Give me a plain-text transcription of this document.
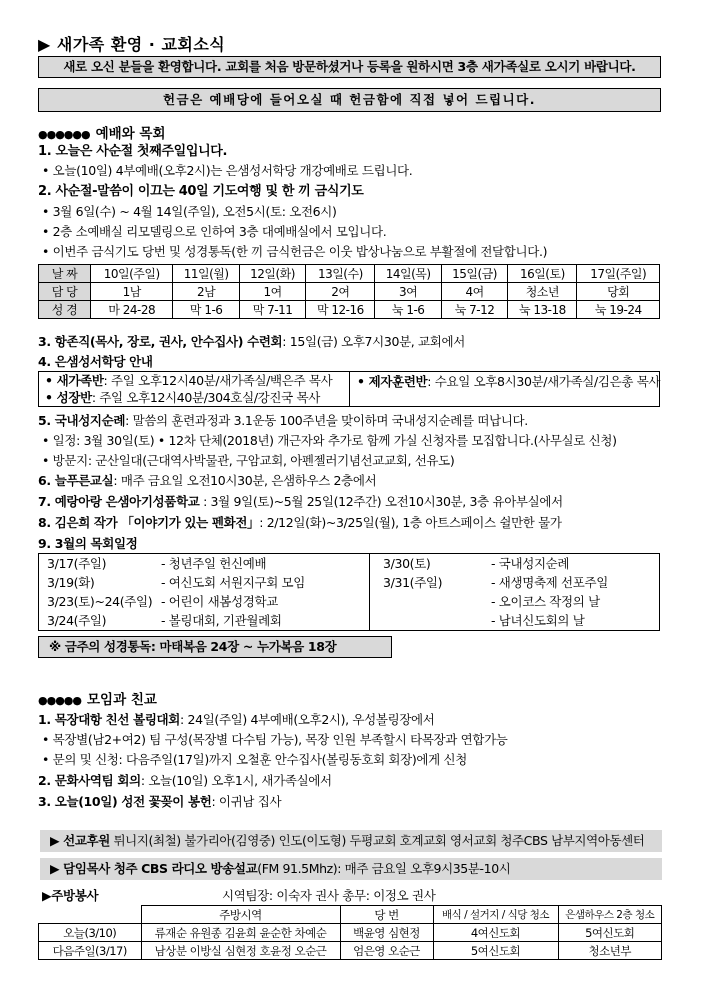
▶ 새가족 환영 · 교회소식
새로 오신 분들을 환영합니다. 교회를 처음 방문하셨거나 등록을 원하시면 3층 새가족실로 오시기 바랍니다.
헌금은 예배당에 들어오실 때 헌금함에 직접 넣어 드립니다.
●●●●●● 예배와 목회
1. 오늘은 사순절 첫째주일입니다.
• 오늘(10일) 4부예배(오후2시)는 은샘성서학당 개강예배로 드립니다.
2. 사순절-말씀이 이끄는 40일 기도여행 및 한 끼 금식기도
• 3월 6일(수) ~ 4월 14일(주일), 오전5시(토: 오전6시)
• 2층 소예배실 리모델링으로 인하여 3층 대예배실에서 모입니다.
• 이번주 금식기도 당번 및 성경통독(한 끼 금식헌금은 이웃 밥상나눔으로 부활절에 전달합니다.)
날 짜	10일(주일)	11일(월)	12일(화)	13일(수)	14일(목)	15일(금)	16일(토)	17일(주일)
담 당	1남	2남	1여	2여	3여	4여	청소년	당회
성 경	마 24-28	막 1-6	막 7-11	막 12-16	눅 1-6	눅 7-12	눅 13-18	눅 19-24
3. 항존직(목사, 장로, 권사, 안수집사) 수련회: 15일(금) 오후7시30분, 교회에서
4. 은샘성서학당 안내
• 새가족반: 주일 오후12시40분/새가족실/백은주 목사
• 성장반: 주일 오후12시40분/304호실/강진국 목사
• 제자훈련반: 수요일 오후8시30분/새가족실/김은총 목사
5. 국내성지순례: 말씀의 훈련과정과 3.1운동 100주년을 맞이하며 국내성지순례를 떠납니다.
• 일정: 3월 30일(토) • 12차 단체(2018년) 개근자와 추가로 함께 가실 신청자를 모집합니다.(사무실로 신청)
• 방문지: 군산일대(근대역사박물관, 구암교회, 아펜젤러기념선교교회, 선유도)
6. 늘푸른교실: 매주 금요일 오전10시30분, 은샘하우스 2층에서
7. 예랑아랑 은샘아기성품학교 : 3월 9일(토)~5월 25일(12주간) 오전10시30분, 3층 유아부실에서
8. 김은희 작가 「이야기가 있는 펜화전」: 2/12일(화)~3/25일(월), 1층 아트스페이스 쉴만한 물가
9. 3월의 목회일정
3/17(주일)	- 청년주일 헌신예배
3/19(화)	- 여신도회 서원지구회 모임
3/23(토)~24(주일) - 어린이 새봄성경학교
3/24(주일)	- 볼링대회, 기관월례회
3/30(토)	- 국내성지순례
3/31(주일)	- 새생명축제 선포주일
- 오이코스 작정의 날
- 남녀신도회의 날
※ 금주의 성경통독: 마태복음 24장 ~ 누가복음 18장
●●●●● 모임과 친교
1. 목장대항 친선 볼링대회: 24일(주일) 4부예배(오후2시), 우성볼링장에서
• 목장별(남2+여2) 팀 구성(목장별 다수팀 가능), 목장 인원 부족할시 타목장과 연합가능
• 문의 및 신청: 다음주일(17일)까지 오철훈 안수집사(볼링동호회 회장)에게 신청
2. 문화사역팀 회의: 오늘(10일) 오후1시, 새가족실에서
3. 오늘(10일) 성전 꽃꽂이 봉헌: 이귀남 집사
▶ 선교후원 튀니지(최철) 불가리아(김영중) 인도(이도형) 두평교회 호계교회 영서교회 청주CBS 남부지역아동센터
▶ 담임목사 청주 CBS 라디오 방송설교(FM 91.5Mhz): 매주 금요일 오후9시35분-10시
▶주방봉사	시역팀장: 이숙자 권사 총무: 이정오 권사
	주방시역	당 번	배식 / 설거지 / 식당 청소	은샘하우스 2층 청소
오늘(3/10)	류재순 유원종 김윤희 윤순한 차예순	백윤영 심현정	4여신도회	5여신도회
다음주일(3/17)	남상분 이방실 심현정 호윤정 오순근	엄은영 오순근	5여신도회	청소년부
